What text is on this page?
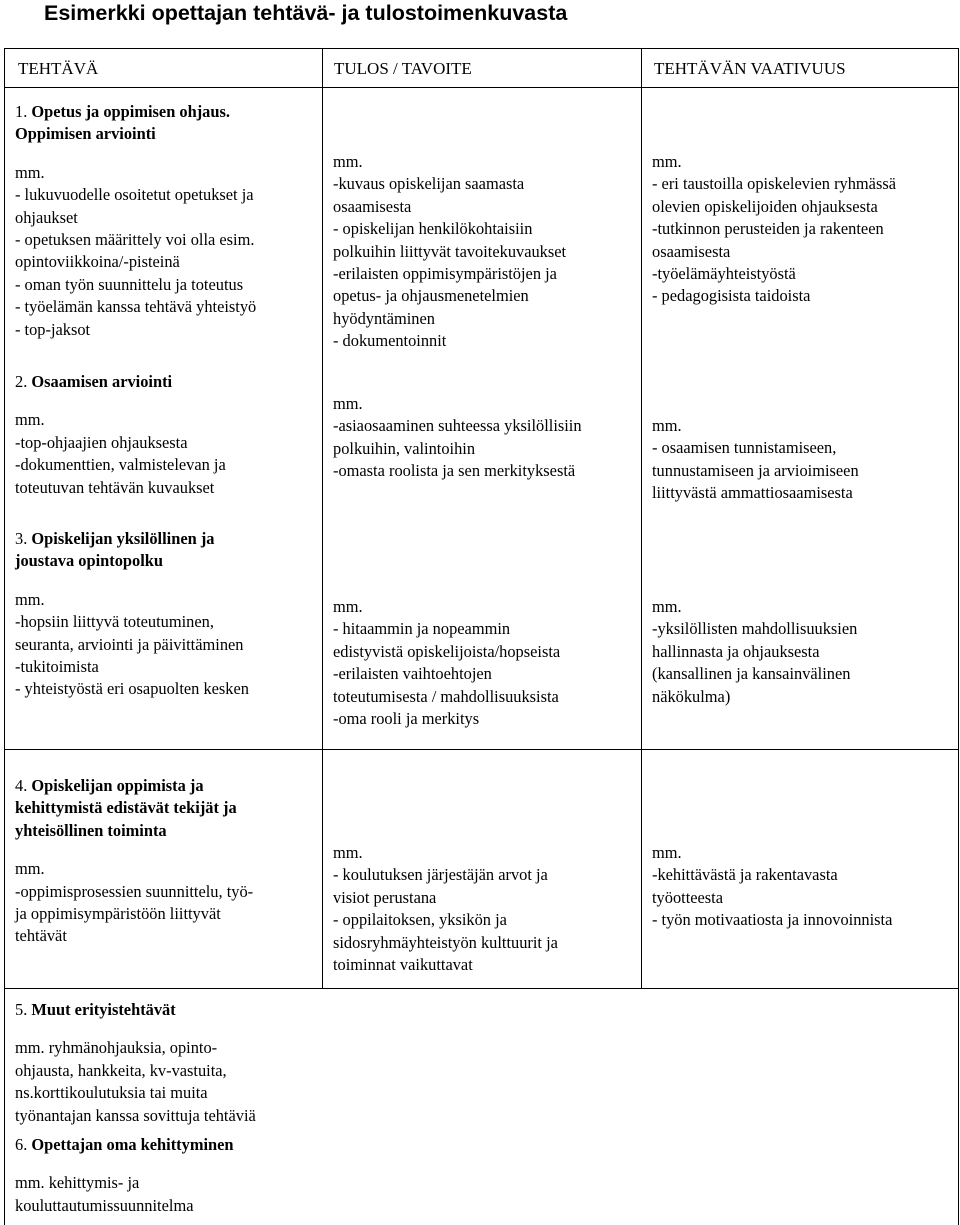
Esimerkki opettajan tehtävä- ja tulostoimenkuvasta
TEHTÄVÄ	TULOS / TAVOITE	TEHTÄVÄN VAATIVUUS
1. Opetus ja oppimisen ohjaus.
Oppimisen arviointi
mm.
- lukuvuodelle osoitetut opetukset ja
ohjaukset
- opetuksen määrittely voi olla esim.
opintoviikkoina/-pisteinä
- oman työn suunnittelu ja toteutus
- työelämän kanssa tehtävä yhteistyö
- top-jaksot
mm.
-kuvaus opiskelijan saamasta
osaamisesta
- opiskelijan henkilökohtaisiin
polkuihin liittyvät tavoitekuvaukset
-erilaisten oppimisympäristöjen ja
opetus- ja ohjausmenetelmien
hyödyntäminen
- dokumentoinnit
mm.
- eri taustoilla opiskelevien ryhmässä
olevien opiskelijoiden ohjauksesta
-tutkinnon perusteiden ja rakenteen
osaamisesta
-työelämäyhteistyöstä
- pedagogisista taidoista
2. Osaamisen arviointi
mm.
-top-ohjaajien ohjauksesta
-dokumenttien, valmistelevan ja
toteutuvan tehtävän kuvaukset
mm.
-asiaosaaminen suhteessa yksilöllisiin
polkuihin, valintoihin
-omasta roolista ja sen merkityksestä
mm.
- osaamisen tunnistamiseen,
tunnustamiseen ja arvioimiseen
liittyvästä ammattiosaamisesta
3. Opiskelijan yksilöllinen ja
joustava opintopolku
mm.
-hopsiin liittyvä toteutuminen,
seuranta, arviointi ja päivittäminen
-tukitoimista
- yhteistyöstä eri osapuolten kesken
mm.
- hitaammin ja nopeammin
edistyvistä opiskelijoista/hopseista
-erilaisten vaihtoehtojen
toteutumisesta / mahdollisuuksista
-oma rooli ja merkitys
mm.
-yksilöllisten mahdollisuuksien
hallinnasta ja ohjauksesta
(kansallinen ja kansainvälinen
näkökulma)
4. Opiskelijan oppimista ja
kehittymistä edistävät tekijät ja
yhteisöllinen toiminta
mm.
-oppimisprosessien suunnittelu, työ-
ja oppimisympäristöön liittyvät
tehtävät
mm.
- koulutuksen järjestäjän arvot ja
visiot perustana
- oppilaitoksen, yksikön ja
sidosryhmäyhteistyön kulttuurit ja
toiminnat vaikuttavat
mm.
-kehittävästä ja rakentavasta
työotteesta
- työn motivaatiosta ja innovoinnista
5. Muut erityistehtävät
mm. ryhmänohjauksia, opinto-
ohjausta, hankkeita, kv-vastuita,
ns.korttikoulutuksia tai muita
työnantajan kanssa sovittuja tehtäviä
6. Opettajan oma kehittyminen
mm. kehittymis- ja
kouluttautumissuunnitelma
